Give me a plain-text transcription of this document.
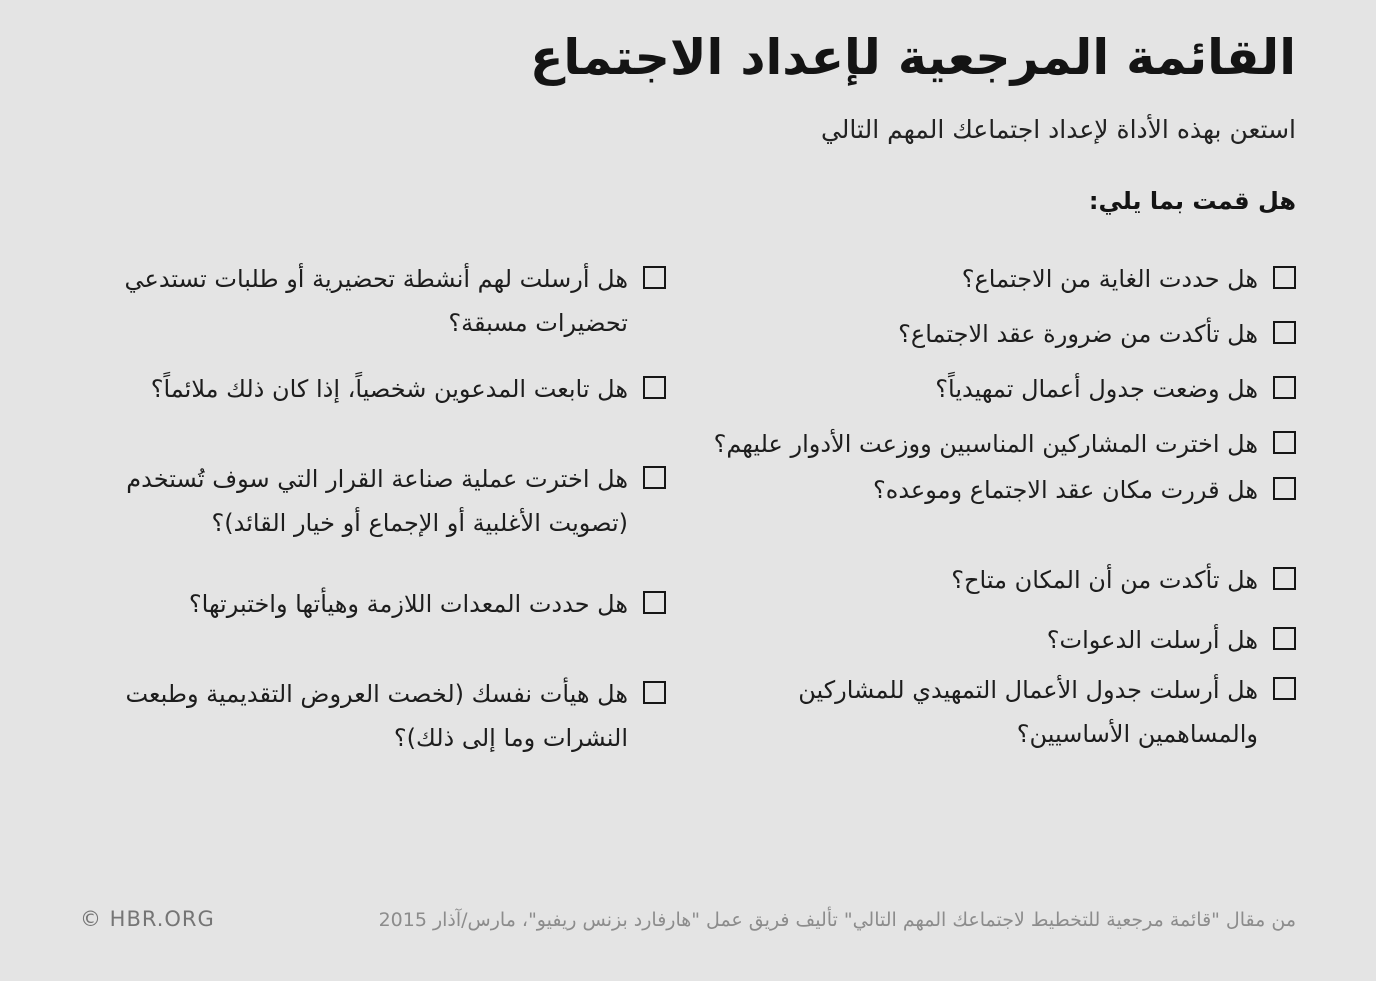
القائمة المرجعية لإعداد الاجتماع

استعن بهذه الأداة لإعداد اجتماعك المهم التالي

هل قمت بما يلي:
هل حددت الغاية من الاجتماع؟
هل تأكدت من ضرورة عقد الاجتماع؟
هل وضعت جدول أعمال تمهيدياً؟
هل اخترت المشاركين المناسبين ووزعت الأدوار عليهم؟
هل قررت مكان عقد الاجتماع وموعده؟
هل تأكدت من أن المكان متاح؟
هل أرسلت الدعوات؟
هل أرسلت جدول الأعمال التمهيدي للمشاركين والمساهمين الأساسيين؟
هل أرسلت لهم أنشطة تحضيرية أو طلبات تستدعي تحضيرات مسبقة؟
هل تابعت المدعوين شخصياً، إذا كان ذلك ملائماً؟
هل اخترت عملية صناعة القرار التي سوف تُستخدم (تصويت الأغلبية أو الإجماع أو خيار القائد)؟
هل حددت المعدات اللازمة وهيأتها واختبرتها؟
هل هيأت نفسك (لخصت العروض التقديمية وطبعت النشرات وما إلى ذلك)؟
© HBR.ORG	من مقال "قائمة مرجعية للتخطيط لاجتماعك المهم التالي" تأليف فريق عمل "هارفارد بزنس ريفيو"، مارس/آذار 2015
